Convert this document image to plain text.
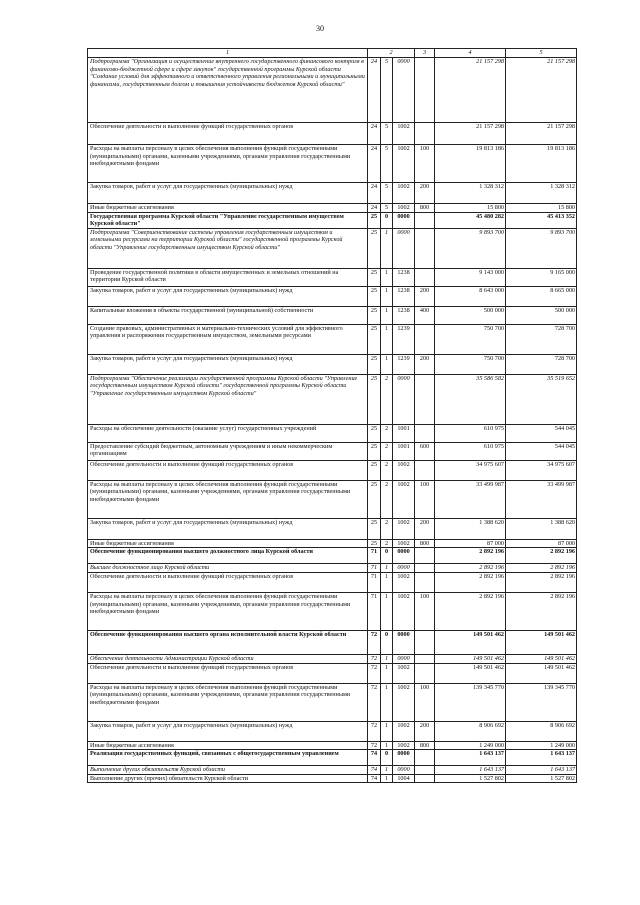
30
1	2			3	4	5
Подпрограмма "Организация и осуществление внутреннего государственного финансового контроля в финансово-бюджетной сфере и сфере закупок" государственной программы Курской области "Создание условий для эффективного и ответственного управления региональными и муниципальными финансами, государственным долгом и повышения устойчивости бюджетов Курской области"	24	5	0000		21 157 298	21 157 298
Обеспечение деятельности и выполнение функций государственных органов	24	5	1002		21 157 298	21 157 298
Расходы на выплаты персоналу в целях обеспечения выполнения функций государственными (муниципальными) органами, казенными учреждениями, органами управления государственными внебюджетными фондами	24	5	1002	100	19 813 186	19 813 186
Закупка товаров, работ и услуг для государственных (муниципальных) нужд	24	5	1002	200	1 328 312	1 328 312
Иные бюджетные ассигнования	24	5	1002	800	15 800	15 800
Государственная программа Курской области "Управление государственным имуществом Курской области"	25	0	0000		45 480 282	45 413 352
Подпрограмма "Совершенствование системы управления государственным имуществом и земельными ресурсами на территории Курской области" государственной программы Курской области "Управление государственным имуществом Курской области"	25	1	0000		9 893 700	9 893 700
Проведение государственной политики в области имущественных и земельных отношений на территории Курской области	25	1	1238		9 143 000	9 165 000
Закупка товаров, работ и услуг для государственных (муниципальных) нужд	25	1	1238	200	8 643 000	8 665 000
Капитальные вложения в объекты государственной (муниципальной) собственности	25	1	1238	400	500 000	500 000
Создание правовых, административных и материально-технических условий для эффективного управления и распоряжения государственным имуществом, земельными ресурсами	25	1	1239		750 700	728 700
Закупка товаров, работ и услуг для государственных (муниципальных) нужд	25	1	1239	200	750 700	728 700
Подпрограмма "Обеспечение реализации государственной программы Курской области "Управление государственным имуществом Курской области" государственной программы Курской области "Управление государственным имуществом Курской области"	25	2	0000		35 586 582	35 519 652
Расходы на обеспечение деятельности (оказание услуг) государственных учреждений	25	2	1001		610 975	544 045
Предоставление субсидий бюджетным, автономным учреждениям и иным некоммерческим организациям	25	2	1001	600	610 975	544 045
Обеспечение деятельности и выполнение функций государственных органов	25	2	1002		34 975 607	34 975 607
Расходы на выплаты персоналу в целях обеспечения выполнения функций государственными (муниципальными) органами, казенными учреждениями, органами управления государственными внебюджетными фондами	25	2	1002	100	33 499 987	33 499 987
Закупка товаров, работ и услуг для государственных (муниципальных) нужд	25	2	1002	200	1 388 620	1 388 620
Иные бюджетные ассигнования	25	2	1002	800	87 000	87 000
Обеспечение функционирования высшего должностного лица Курской области	71	0	0000		2 892 196	2 892 196
Высшее должностное лицо Курской области	71	1	0000		2 892 196	2 892 196
Обеспечение деятельности и выполнение функций государственных органов	71	1	1002		2 892 196	2 892 196
Расходы на выплаты персоналу в целях обеспечения выполнения функций государственными (муниципальными) органами, казенными учреждениями, органами управления государственными внебюджетными фондами	71	1	1002	100	2 892 196	2 892 196
Обеспечение функционирования высшего органа исполнительной власти Курской области	72	0	0000		149 501 462	149 501 462
Обеспечение деятельности Администрации Курской области	72	1	0000		149 501 462	149 501 462
Обеспечение деятельности и выполнение функций государственных органов	72	1	1002		149 501 462	149 501 462
Расходы на выплаты персоналу в целях обеспечения выполнения функций государственными (муниципальными) органами, казенными учреждениями, органами управления государственными внебюджетными фондами	72	1	1002	100	139 345 770	139 345 770
Закупка товаров, работ и услуг для государственных (муниципальных) нужд	72	1	1002	200	8 906 692	8 906 692
Иные бюджетные ассигнования	72	1	1002	800	1 249 000	1 249 000
Реализация государственных функций, связанных с общегосударственным управлением	74	0	0000		1 643 137	1 643 137
Выполнение других обязательств Курской области	74	1	0000		1 643 137	1 643 137
Выполнение других (прочих) обязательств Курской области	74	1	1004		1 527 802	1 527 802
